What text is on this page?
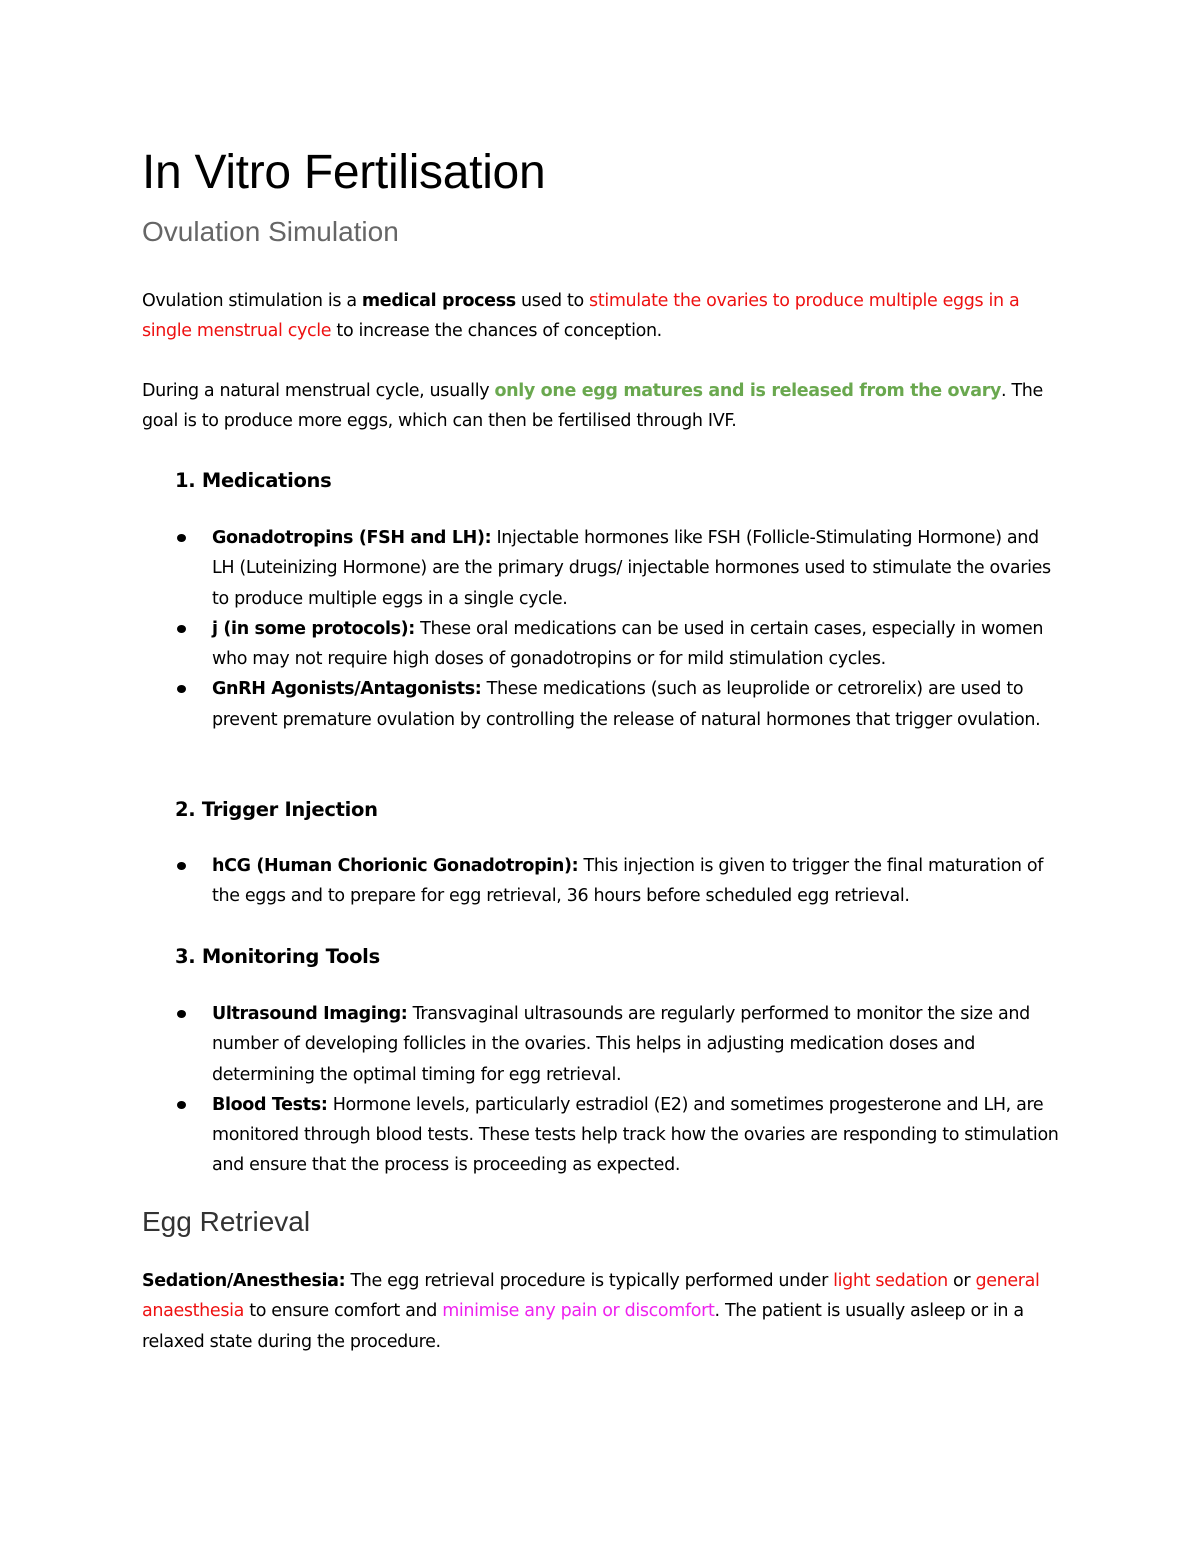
In Vitro Fertilisation
Ovulation Simulation

Ovulation stimulation is a medical process used to stimulate the ovaries to produce multiple eggs in a single menstrual cycle to increase the chances of conception.

During a natural menstrual cycle, usually only one egg matures and is released from the ovary. The goal is to produce more eggs, which can then be fertilised through IVF.

1. Medications
Gonadotropins (FSH and LH): Injectable hormones like FSH (Follicle-Stimulating Hormone) and LH (Luteinizing Hormone) are the primary drugs/ injectable hormones used to stimulate the ovaries to produce multiple eggs in a single cycle.
j (in some protocols): These oral medications can be used in certain cases, especially in women who may not require high doses of gonadotropins or for mild stimulation cycles.
GnRH Agonists/Antagonists: These medications (such as leuprolide or cetrorelix) are used to prevent premature ovulation by controlling the release of natural hormones that trigger ovulation.
2. Trigger Injection
hCG (Human Chorionic Gonadotropin): This injection is given to trigger the final maturation of the eggs and to prepare for egg retrieval, 36 hours before scheduled egg retrieval.
3. Monitoring Tools
Ultrasound Imaging: Transvaginal ultrasounds are regularly performed to monitor the size and number of developing follicles in the ovaries. This helps in adjusting medication doses and determining the optimal timing for egg retrieval.
Blood Tests: Hormone levels, particularly estradiol (E2) and sometimes progesterone and LH, are monitored through blood tests. These tests help track how the ovaries are responding to stimulation and ensure that the process is proceeding as expected.
Egg Retrieval

Sedation/Anesthesia: The egg retrieval procedure is typically performed under light sedation or general anaesthesia to ensure comfort and minimise any pain or discomfort. The patient is usually asleep or in a relaxed state during the procedure.
